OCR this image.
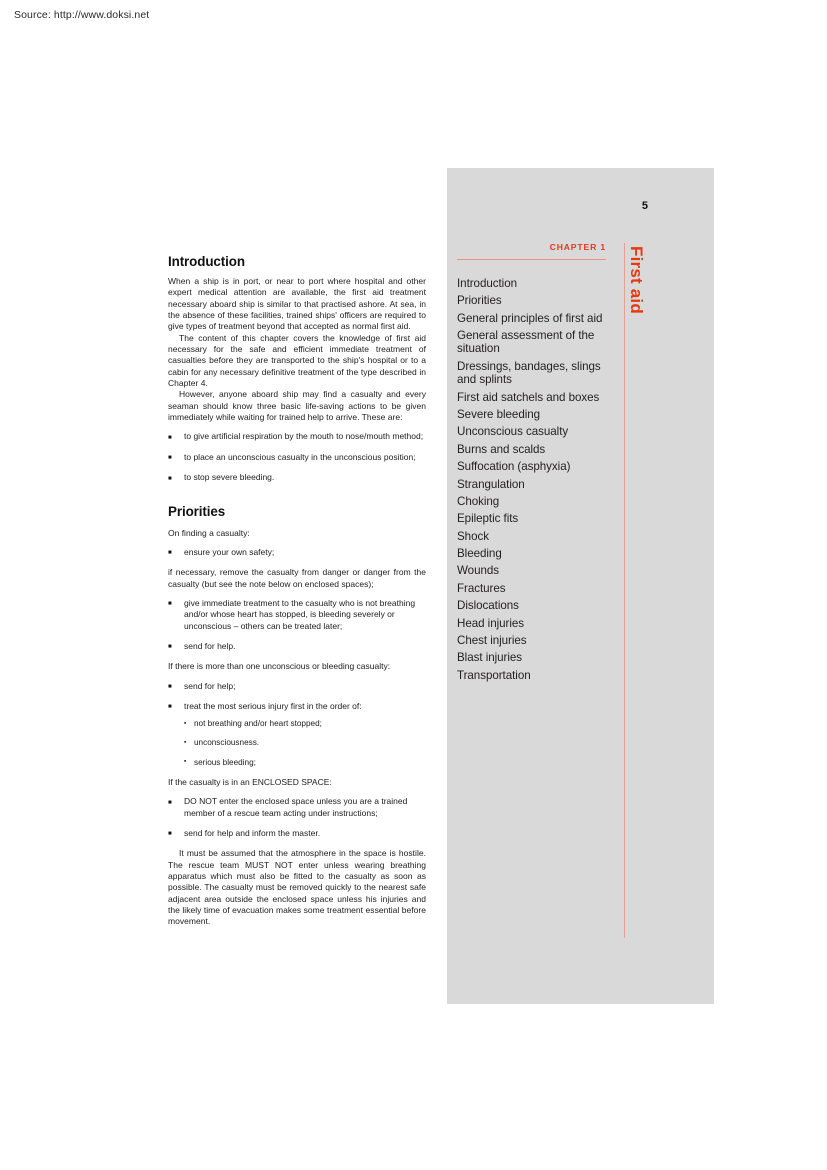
Source: http://www.doksi.net
5
CHAPTER 1
Introduction
Priorities
General principles of first aid
General assessment of the situation
Dressings, bandages, slings and splints
First aid satchels and boxes
Severe bleeding
Unconscious casualty
Burns and scalds
Suffocation (asphyxia)
Strangulation
Choking
Epileptic fits
Shock
Bleeding
Wounds
Fractures
Dislocations
Head injuries
Chest injuries
Blast injuries
Transportation
First aid
Introduction

When a ship is in port, or near to port where hospital and other expert medical attention are available, the first aid treatment necessary aboard ship is similar to that practised ashore. At sea, in the absence of these facilities, trained ships' officers are required to give types of treatment beyond that accepted as normal first aid.

The content of this chapter covers the knowledge of first aid necessary for the safe and efficient immediate treatment of casualties before they are transported to the ship's hospital or to a cabin for any necessary definitive treatment of the type described in Chapter 4.

However, anyone aboard ship may find a casualty and every seaman should know three basic life-saving actions to be given immediately while waiting for trained help to arrive. These are:

■ to give artificial respiration by the mouth to nose/mouth method;
■ to place an unconscious casualty in the unconscious position;
■ to stop severe bleeding.
Priorities

On finding a casualty:

■ ensure your own safety;

if necessary, remove the casualty from danger or danger from the casualty (but see the note below on enclosed spaces);

■ give immediate treatment to the casualty who is not breathing and/or whose heart has stopped, is bleeding severely or unconscious – others can be treated later;
■ send for help.

If there is more than one unconscious or bleeding casualty:

■ send for help;
■ treat the most serious injury first in the order of:
▪ not breathing and/or heart stopped;
▪ unconsciousness.
▪ serious bleeding;

If the casualty is in an ENCLOSED SPACE:

■ DO NOT enter the enclosed space unless you are a trained member of a rescue team acting under instructions;
■ send for help and inform the master.

It must be assumed that the atmosphere in the space is hostile. The rescue team MUST NOT enter unless wearing breathing apparatus which must also be fitted to the casualty as soon as possible. The casualty must be removed quickly to the nearest safe adjacent area outside the enclosed space unless his injuries and the likely time of evacuation makes some treatment essential before movement.
